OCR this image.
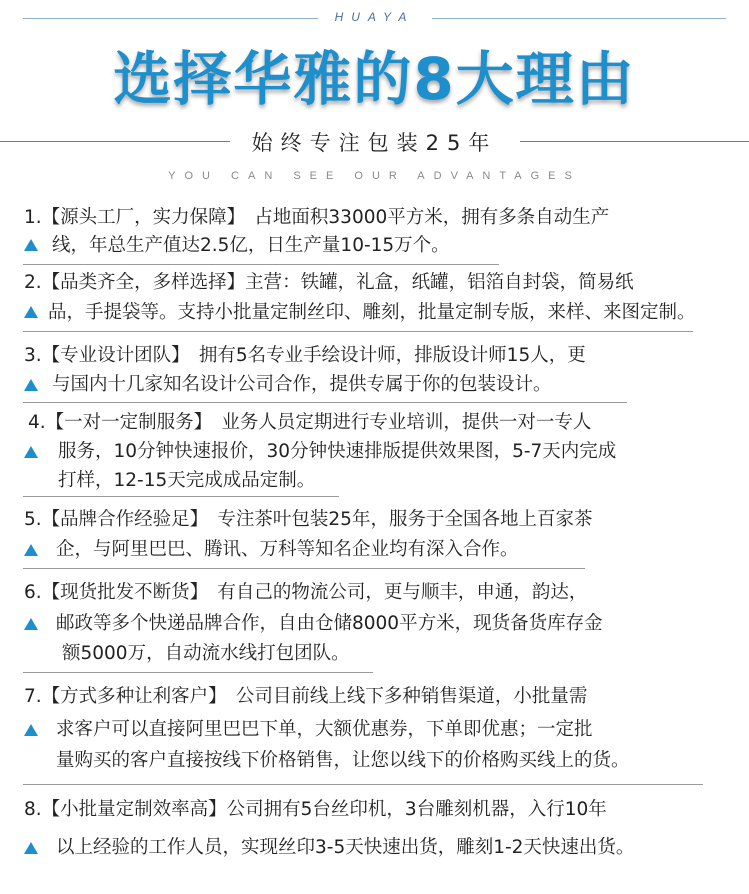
HUAYA
选择华雅的8大理由
始终专注包装25年
YOU CAN SEE OUR ADVANTAGES
1.【源头工厂，实力保障】　占地面积33000平方米，拥有多条自动生产
线，年总生产值达2.5亿，日生产量10-15万个。
2.【品类齐全，多样选择】主营：铁罐，礼盒，纸罐，铝箔自封袋，简易纸
品，手提袋等。支持小批量定制丝印、雕刻，批量定制专版，来样、来图定制。
3.【专业设计团队】　拥有5名专业手绘设计师，排版设计师15人，更
与国内十几家知名设计公司合作，提供专属于你的包装设计。
4.【一对一定制服务】　业务人员定期进行专业培训，提供一对一专人
服务，10分钟快速报价，30分钟快速排版提供效果图，5-7天内完成
打样，12-15天完成成品定制。
5.【品牌合作经验足】　专注茶叶包装25年，服务于全国各地上百家茶
企，与阿里巴巴、腾讯、万科等知名企业均有深入合作。
6.【现货批发不断货】　有自己的物流公司，更与顺丰，申通，韵达，
邮政等多个快递品牌合作，自由仓储8000平方米，现货备货库存金
额5000万，自动流水线打包团队。
7.【方式多种让利客户】　公司目前线上线下多种销售渠道，小批量需
求客户可以直接阿里巴巴下单，大额优惠券，下单即优惠；一定批
量购买的客户直接按线下价格销售，让您以线下的价格购买线上的货。
8.【小批量定制效率高】公司拥有5台丝印机，3台雕刻机器，入行10年
以上经验的工作人员，实现丝印3-5天快速出货，雕刻1-2天快速出货。
